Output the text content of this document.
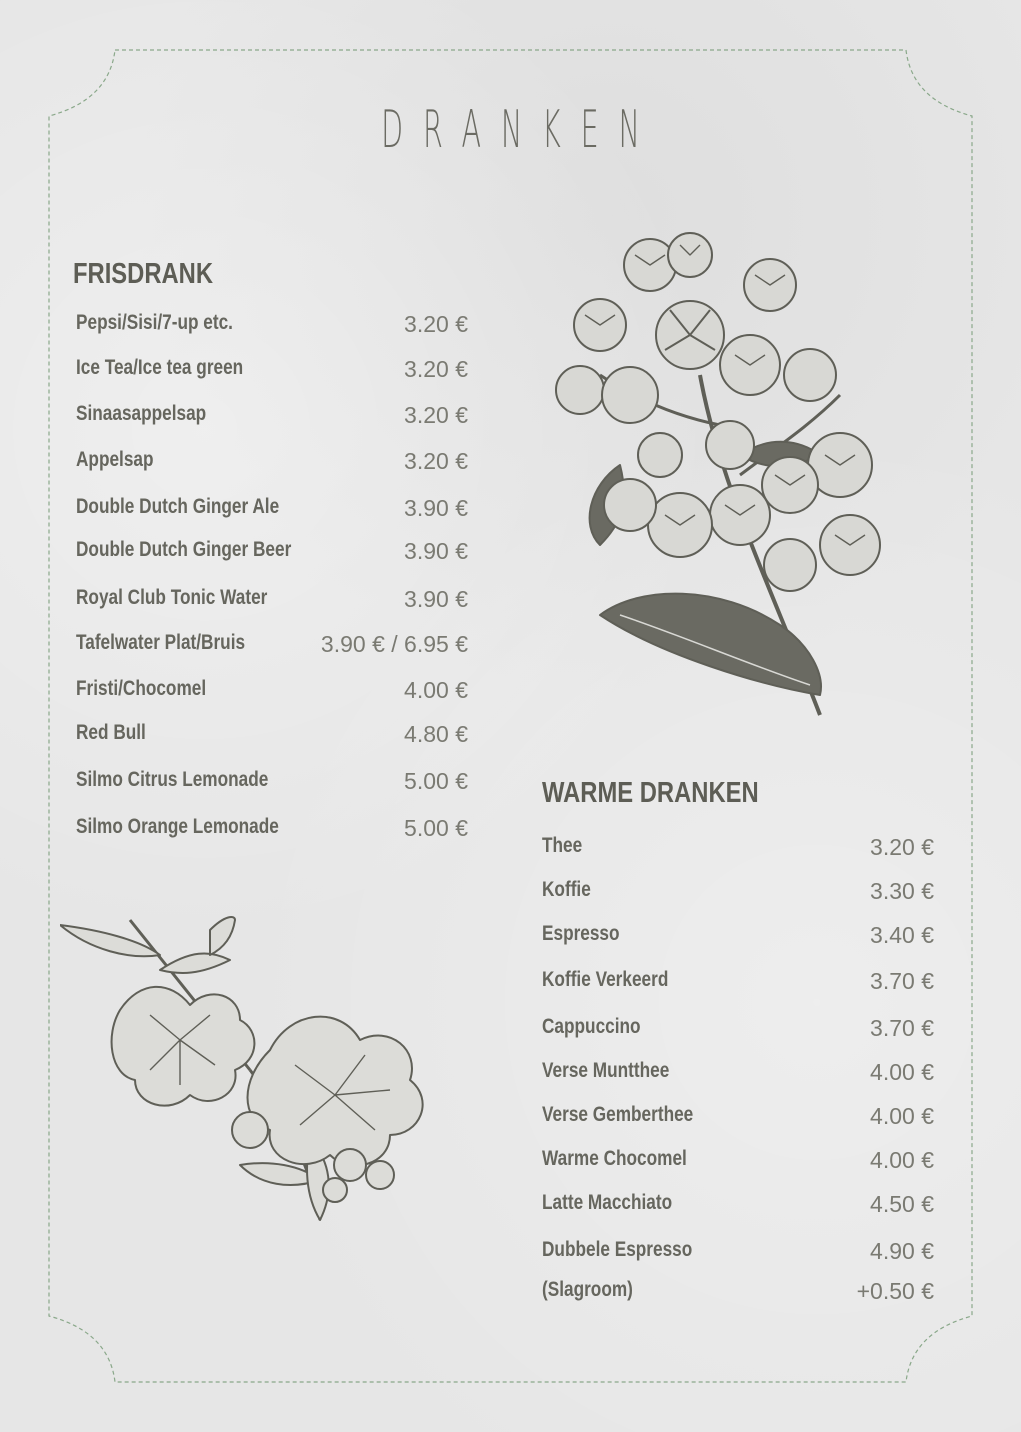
DRANKEN
FRISDRANK
Pepsi/Sisi/7-up etc.	3.20 €
Ice Tea/Ice tea green	3.20 €
Sinaasappelsap	3.20 €
Appelsap	3.20 €
Double Dutch Ginger Ale	3.90 €
Double Dutch Ginger Beer	3.90 €
Royal Club Tonic Water	3.90 €
Tafelwater Plat/Bruis	3.90 € / 6.95 €
Fristi/Chocomel	4.00 €
Red Bull	4.80 €
Silmo Citrus Lemonade	5.00 €
Silmo Orange Lemonade	5.00 €
WARME DRANKEN
Thee	3.20 €
Koffie	3.30 €
Espresso	3.40 €
Koffie Verkeerd	3.70 €
Cappuccino	3.70 €
Verse Muntthee	4.00 €
Verse Gemberthee	4.00 €
Warme Chocomel	4.00 €
Latte Macchiato	4.50 €
Dubbele Espresso	4.90 €
(Slagroom)	+0.50 €
